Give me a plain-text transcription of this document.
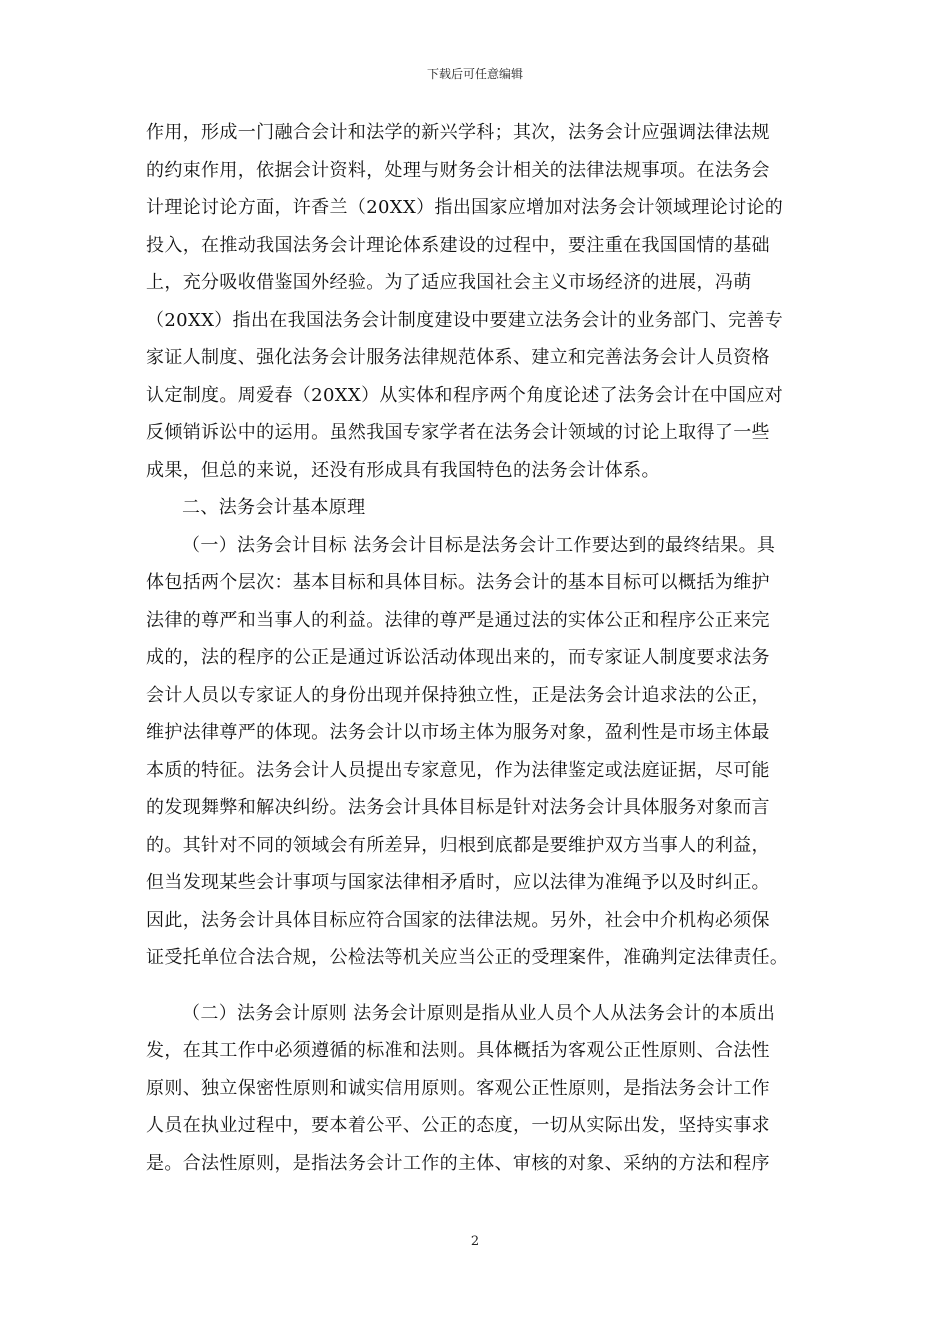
下载后可任意编辑
作用，形成一门融合会计和法学的新兴学科；其次，法务会计应强调法律法规
的约束作用，依据会计资料，处理与财务会计相关的法律法规事项。在法务会
计理论讨论方面，许香兰（20XX）指出国家应增加对法务会计领域理论讨论的
投入，在推动我国法务会计理论体系建设的过程中，要注重在我国国情的基础
上，充分吸收借鉴国外经验。为了适应我国社会主义市场经济的进展，冯萌
（20XX）指出在我国法务会计制度建设中要建立法务会计的业务部门、完善专
家证人制度、强化法务会计服务法律规范体系、建立和完善法务会计人员资格
认定制度。周爱春（20XX）从实体和程序两个角度论述了法务会计在中国应对
反倾销诉讼中的运用。虽然我国专家学者在法务会计领域的讨论上取得了一些
成果，但总的来说，还没有形成具有我国特色的法务会计体系。
二、法务会计基本原理
（一）法务会计目标 法务会计目标是法务会计工作要达到的最终结果。具
体包括两个层次：基本目标和具体目标。法务会计的基本目标可以概括为维护
法律的尊严和当事人的利益。法律的尊严是通过法的实体公正和程序公正来完
成的，法的程序的公正是通过诉讼活动体现出来的，而专家证人制度要求法务
会计人员以专家证人的身份出现并保持独立性，正是法务会计追求法的公正，
维护法律尊严的体现。法务会计以市场主体为服务对象，盈利性是市场主体最
本质的特征。法务会计人员提出专家意见，作为法律鉴定或法庭证据，尽可能
的发现舞弊和解决纠纷。法务会计具体目标是针对法务会计具体服务对象而言
的。其针对不同的领域会有所差异，归根到底都是要维护双方当事人的利益，
但当发现某些会计事项与国家法律相矛盾时，应以法律为准绳予以及时纠正。
因此，法务会计具体目标应符合国家的法律法规。另外，社会中介机构必须保
证受托单位合法合规，公检法等机关应当公正的受理案件，准确判定法律责任。
（二）法务会计原则 法务会计原则是指从业人员个人从法务会计的本质出
发，在其工作中必须遵循的标准和法则。具体概括为客观公正性原则、合法性
原则、独立保密性原则和诚实信用原则。客观公正性原则，是指法务会计工作
人员在执业过程中，要本着公平、公正的态度，一切从实际出发，坚持实事求
是。合法性原则，是指法务会计工作的主体、审核的对象、采纳的方法和程序
2
